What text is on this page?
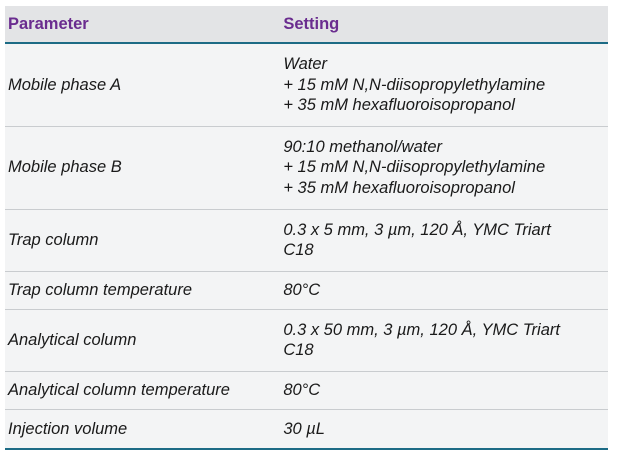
Parameter	Setting
Mobile phase A	Water
+ 15 mM N,N-diisopropylethylamine
+ 35 mM hexafluoroisopropanol

Mobile phase B	90:10 methanol/water
+ 15 mM N,N-diisopropylethylamine
+ 35 mM hexafluoroisopropanol

Trap column	0.3 x 5 mm, 3 µm, 120 Å, YMC Triart
C18

Trap column temperature	80°C

Analytical column	0.3 x 50 mm, 3 µm, 120 Å, YMC Triart
C18

Analytical column temperature	80°C

Injection volume	30 µL
